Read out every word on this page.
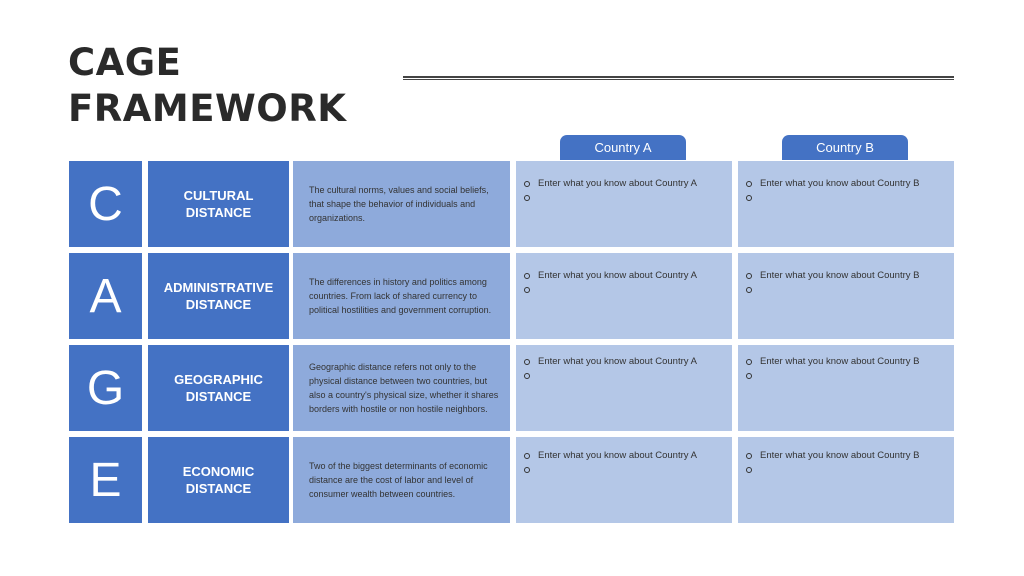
CAGE
FRAMEWORK
Country A	Country B
C	CULTURAL DISTANCE
The cultural norms, values and social beliefs, that shape the behavior of individuals and organizations.
Enter what you know about Country A	Enter what you know about Country B
A	ADMINISTRATIVE DISTANCE
The differences in history and politics among countries. From lack of shared currency to political hostilities and government corruption.
Enter what you know about Country A	Enter what you know about Country B
G	GEOGRAPHIC DISTANCE
Geographic distance refers not only to the physical distance between two countries, but also a country's physical size, whether it shares borders with hostile or non hostile neighbors.
Enter what you know about Country A	Enter what you know about Country B
E	ECONOMIC DISTANCE
Two of the biggest determinants of economic distance are the cost of labor and level of consumer wealth between countries.
Enter what you know about Country A	Enter what you know about Country B
